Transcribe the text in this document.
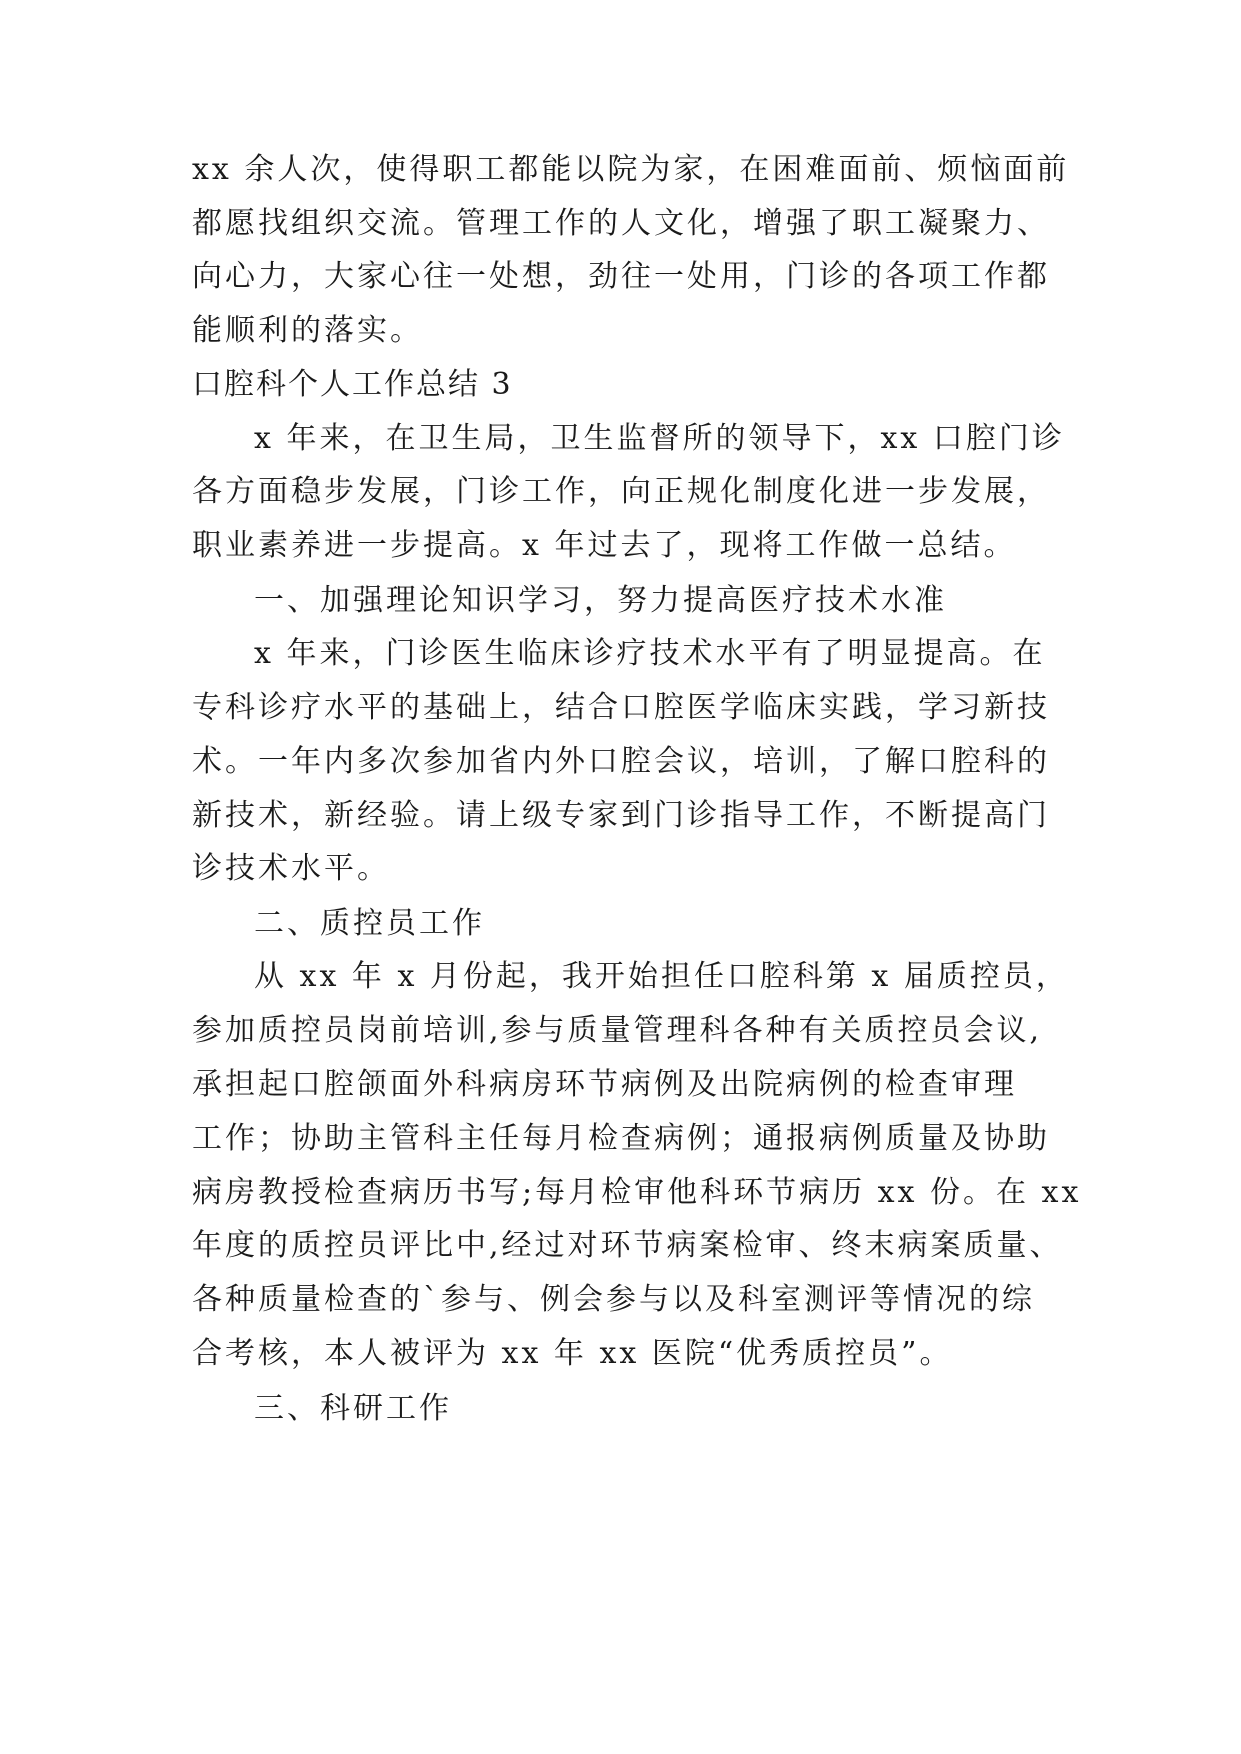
xx 余人次，使得职工都能以院为家，在困难面前、烦恼面前
都愿找组织交流。管理工作的人文化，增强了职工凝聚力、
向心力，大家心往一处想，劲往一处用，门诊的各项工作都
能顺利的落实。
口腔科个人工作总结 3
x 年来，在卫生局，卫生监督所的领导下，xx 口腔门诊
各方面稳步发展，门诊工作，向正规化制度化进一步发展，
职业素养进一步提高。x 年过去了，现将工作做一总结。
一、加强理论知识学习，努力提高医疗技术水准
x 年来，门诊医生临床诊疗技术水平有了明显提高。在
专科诊疗水平的基础上，结合口腔医学临床实践，学习新技
术。一年内多次参加省内外口腔会议，培训，了解口腔科的
新技术，新经验。请上级专家到门诊指导工作，不断提高门
诊技术水平。
二、质控员工作
从 xx 年 x 月份起，我开始担任口腔科第 x 届质控员，
参加质控员岗前培训,参与质量管理科各种有关质控员会议,
承担起口腔颌面外科病房环节病例及出院病例的检查审理
工作；协助主管科主任每月检查病例；通报病例质量及协助
病房教授检查病历书写;每月检审他科环节病历 xx 份。在 xx
年度的质控员评比中,经过对环节病案检审、终末病案质量、
各种质量检查的`参与、例会参与以及科室测评等情况的综
合考核，本人被评为 xx 年 xx 医院“优秀质控员”。
三、科研工作
